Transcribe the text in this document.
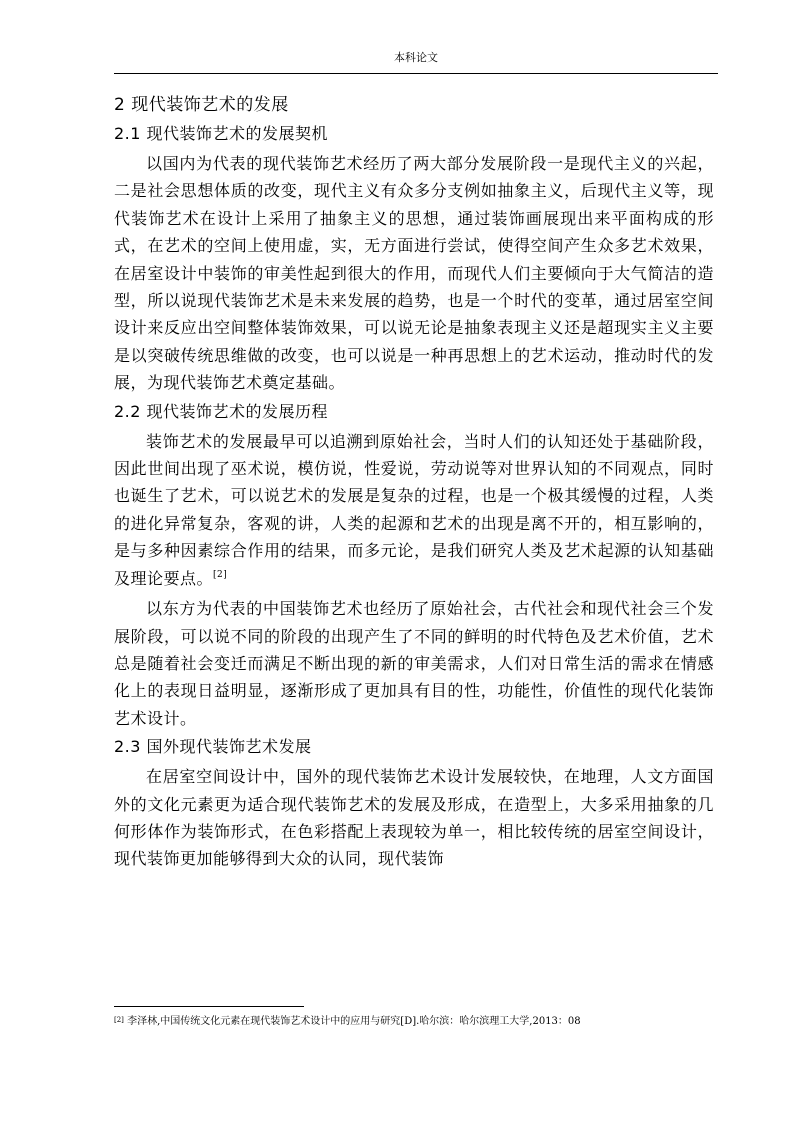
本科论文
2 现代装饰艺术的发展
2.1 现代装饰艺术的发展契机

以国内为代表的现代装饰艺术经历了两大部分发展阶段一是现代主义的兴起，二是社会思想体质的改变，现代主义有众多分支例如抽象主义，后现代主义等，现代装饰艺术在设计上采用了抽象主义的思想，通过装饰画展现出来平面构成的形式，在艺术的空间上使用虚，实，无方面进行尝试，使得空间产生众多艺术效果，在居室设计中装饰的审美性起到很大的作用，而现代人们主要倾向于大气简洁的造型，所以说现代装饰艺术是未来发展的趋势，也是一个时代的变革，通过居室空间设计来反应出空间整体装饰效果，可以说无论是抽象表现主义还是超现实主义主要是以突破传统思维做的改变，也可以说是一种再思想上的艺术运动，推动时代的发展，为现代装饰艺术奠定基础。

2.2 现代装饰艺术的发展历程

装饰艺术的发展最早可以追溯到原始社会，当时人们的认知还处于基础阶段，因此世间出现了巫术说，模仿说，性爱说，劳动说等对世界认知的不同观点，同时也诞生了艺术，可以说艺术的发展是复杂的过程，也是一个极其缓慢的过程，人类的进化异常复杂，客观的讲，人类的起源和艺术的出现是离不开的，相互影响的，是与多种因素综合作用的结果，而多元论，是我们研究人类及艺术起源的认知基础及理论要点。[2]

以东方为代表的中国装饰艺术也经历了原始社会，古代社会和现代社会三个发展阶段，可以说不同的阶段的出现产生了不同的鲜明的时代特色及艺术价值，艺术总是随着社会变迁而满足不断出现的新的审美需求，人们对日常生活的需求在情感化上的表现日益明显，逐渐形成了更加具有目的性，功能性，价值性的现代化装饰艺术设计。

2.3 国外现代装饰艺术发展

在居室空间设计中，国外的现代装饰艺术设计发展较快，在地理，人文方面国外的文化元素更为适合现代装饰艺术的发展及形成，在造型上，大多采用抽象的几何形体作为装饰形式，在色彩搭配上表现较为单一，相比较传统的居室空间设计，现代装饰更加能够得到大众的认同，现代装饰

[2] 李泽林,中国传统文化元素在现代装饰艺术设计中的应用与研究[D].哈尔滨：哈尔滨理工大学,2013：08
